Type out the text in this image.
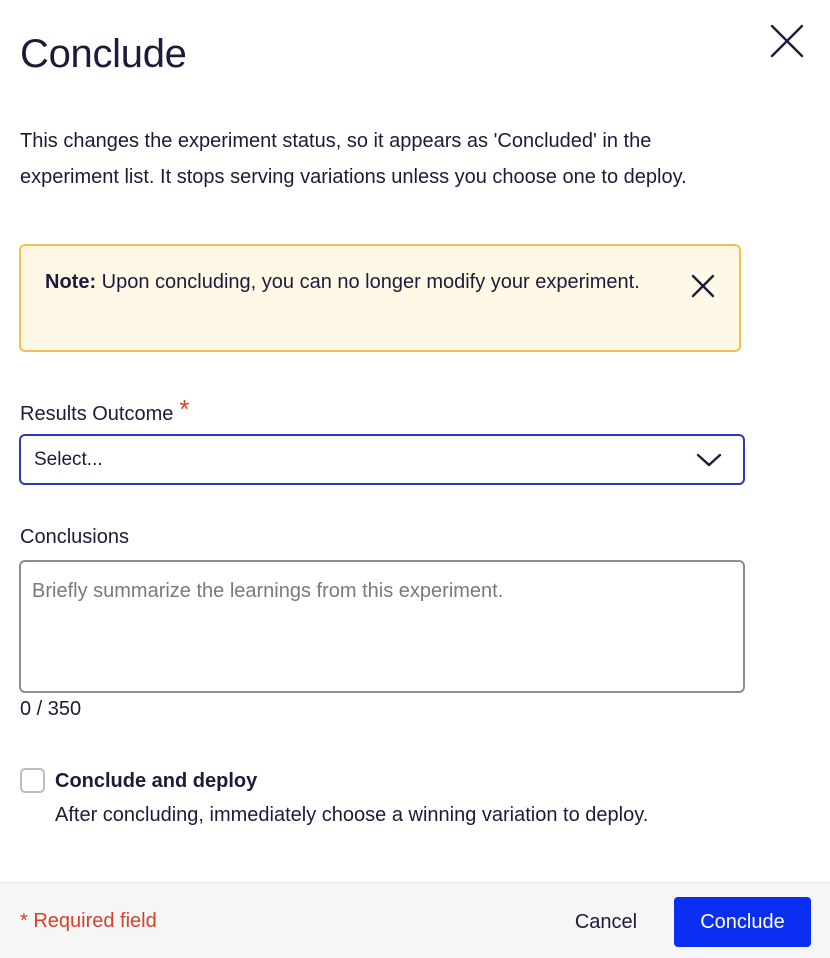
Conclude
This changes the experiment status, so it appears as 'Concluded' in the experiment list. It stops serving variations unless you choose one to deploy.
Note: Upon concluding, you can no longer modify your experiment.
Results Outcome *
Select...
Conclusions
Briefly summarize the learnings from this experiment.
0 / 350
Conclude and deploy
After concluding, immediately choose a winning variation to deploy.
* Required field	Cancel	Conclude
